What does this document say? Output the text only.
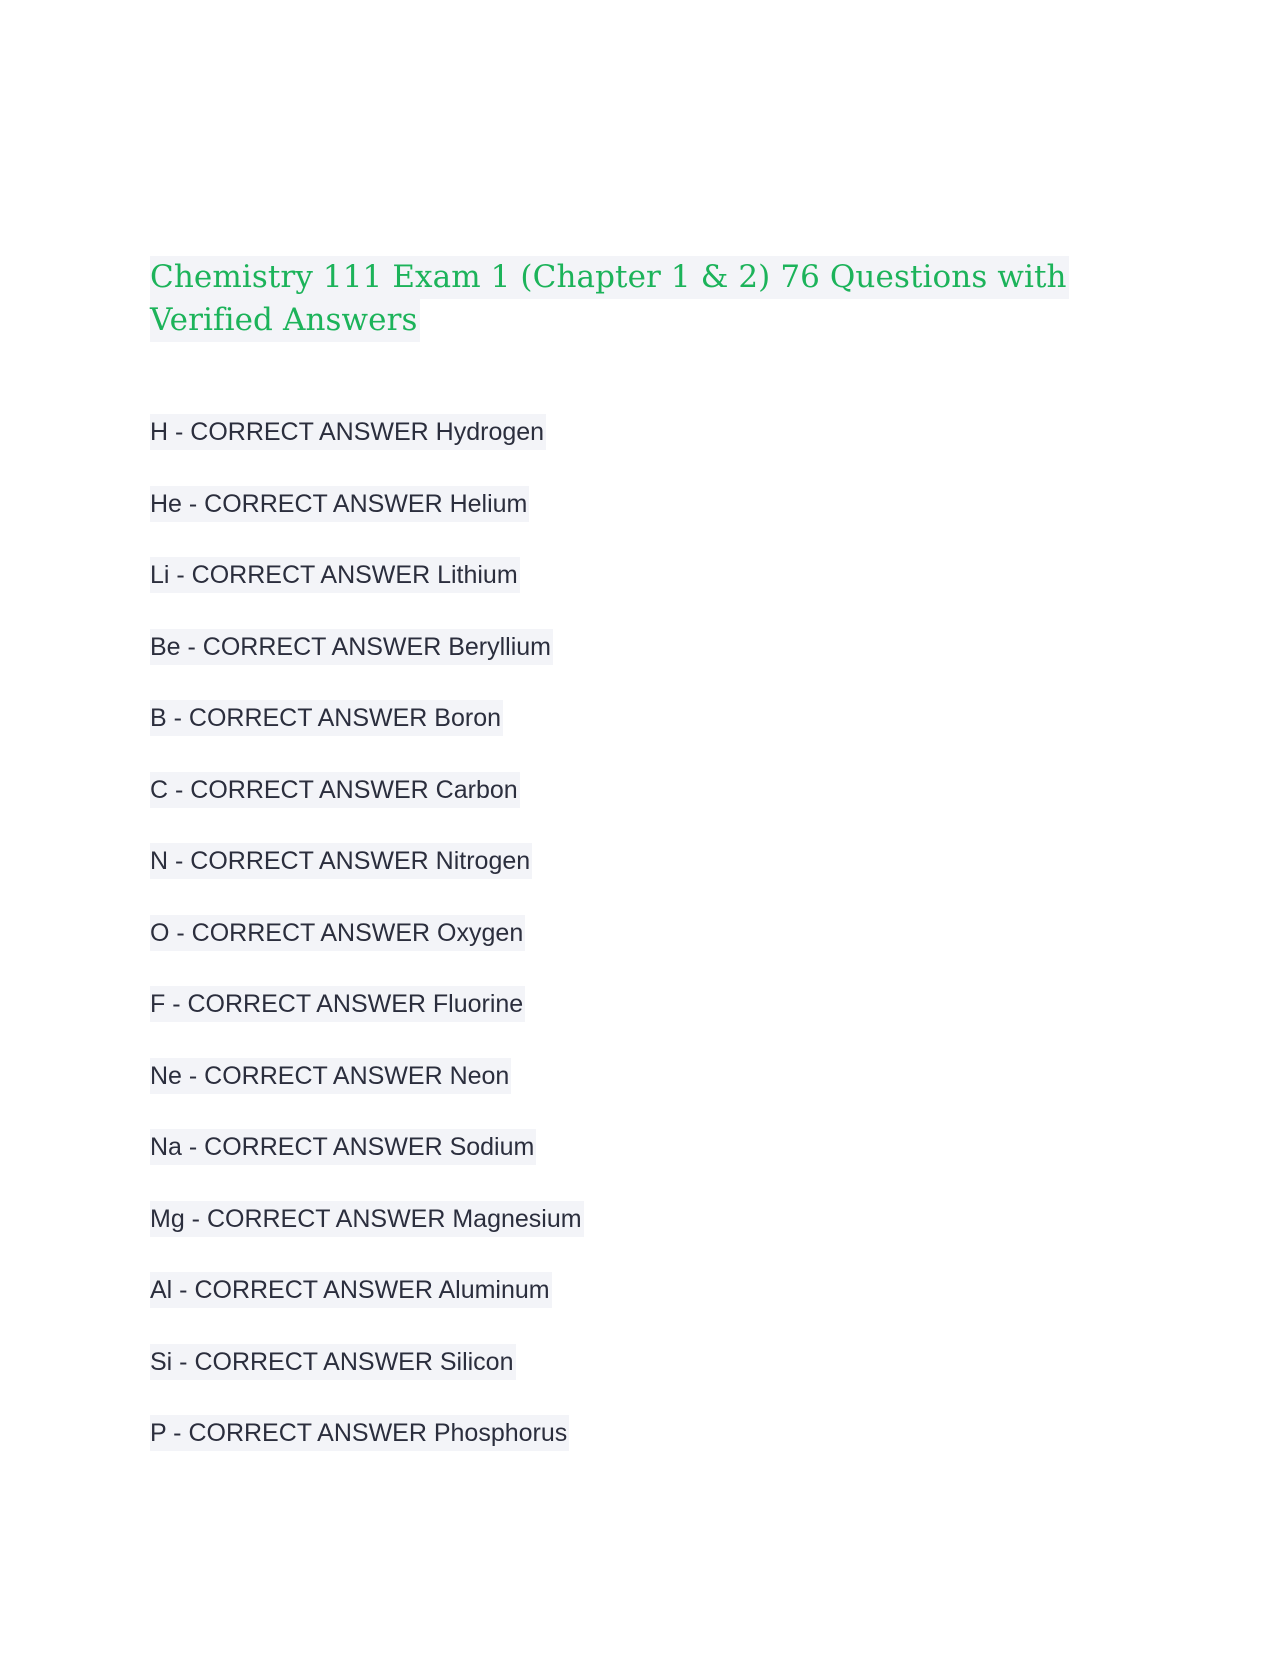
Chemistry 111 Exam 1 (Chapter 1 & 2) 76 Questions with
Verified Answers
H - CORRECT ANSWER Hydrogen
He - CORRECT ANSWER Helium
Li - CORRECT ANSWER Lithium
Be - CORRECT ANSWER Beryllium
B - CORRECT ANSWER Boron
C - CORRECT ANSWER Carbon
N - CORRECT ANSWER Nitrogen
O - CORRECT ANSWER Oxygen
F - CORRECT ANSWER Fluorine
Ne - CORRECT ANSWER Neon
Na - CORRECT ANSWER Sodium
Mg - CORRECT ANSWER Magnesium
Al - CORRECT ANSWER Aluminum
Si - CORRECT ANSWER Silicon
P - CORRECT ANSWER Phosphorus
